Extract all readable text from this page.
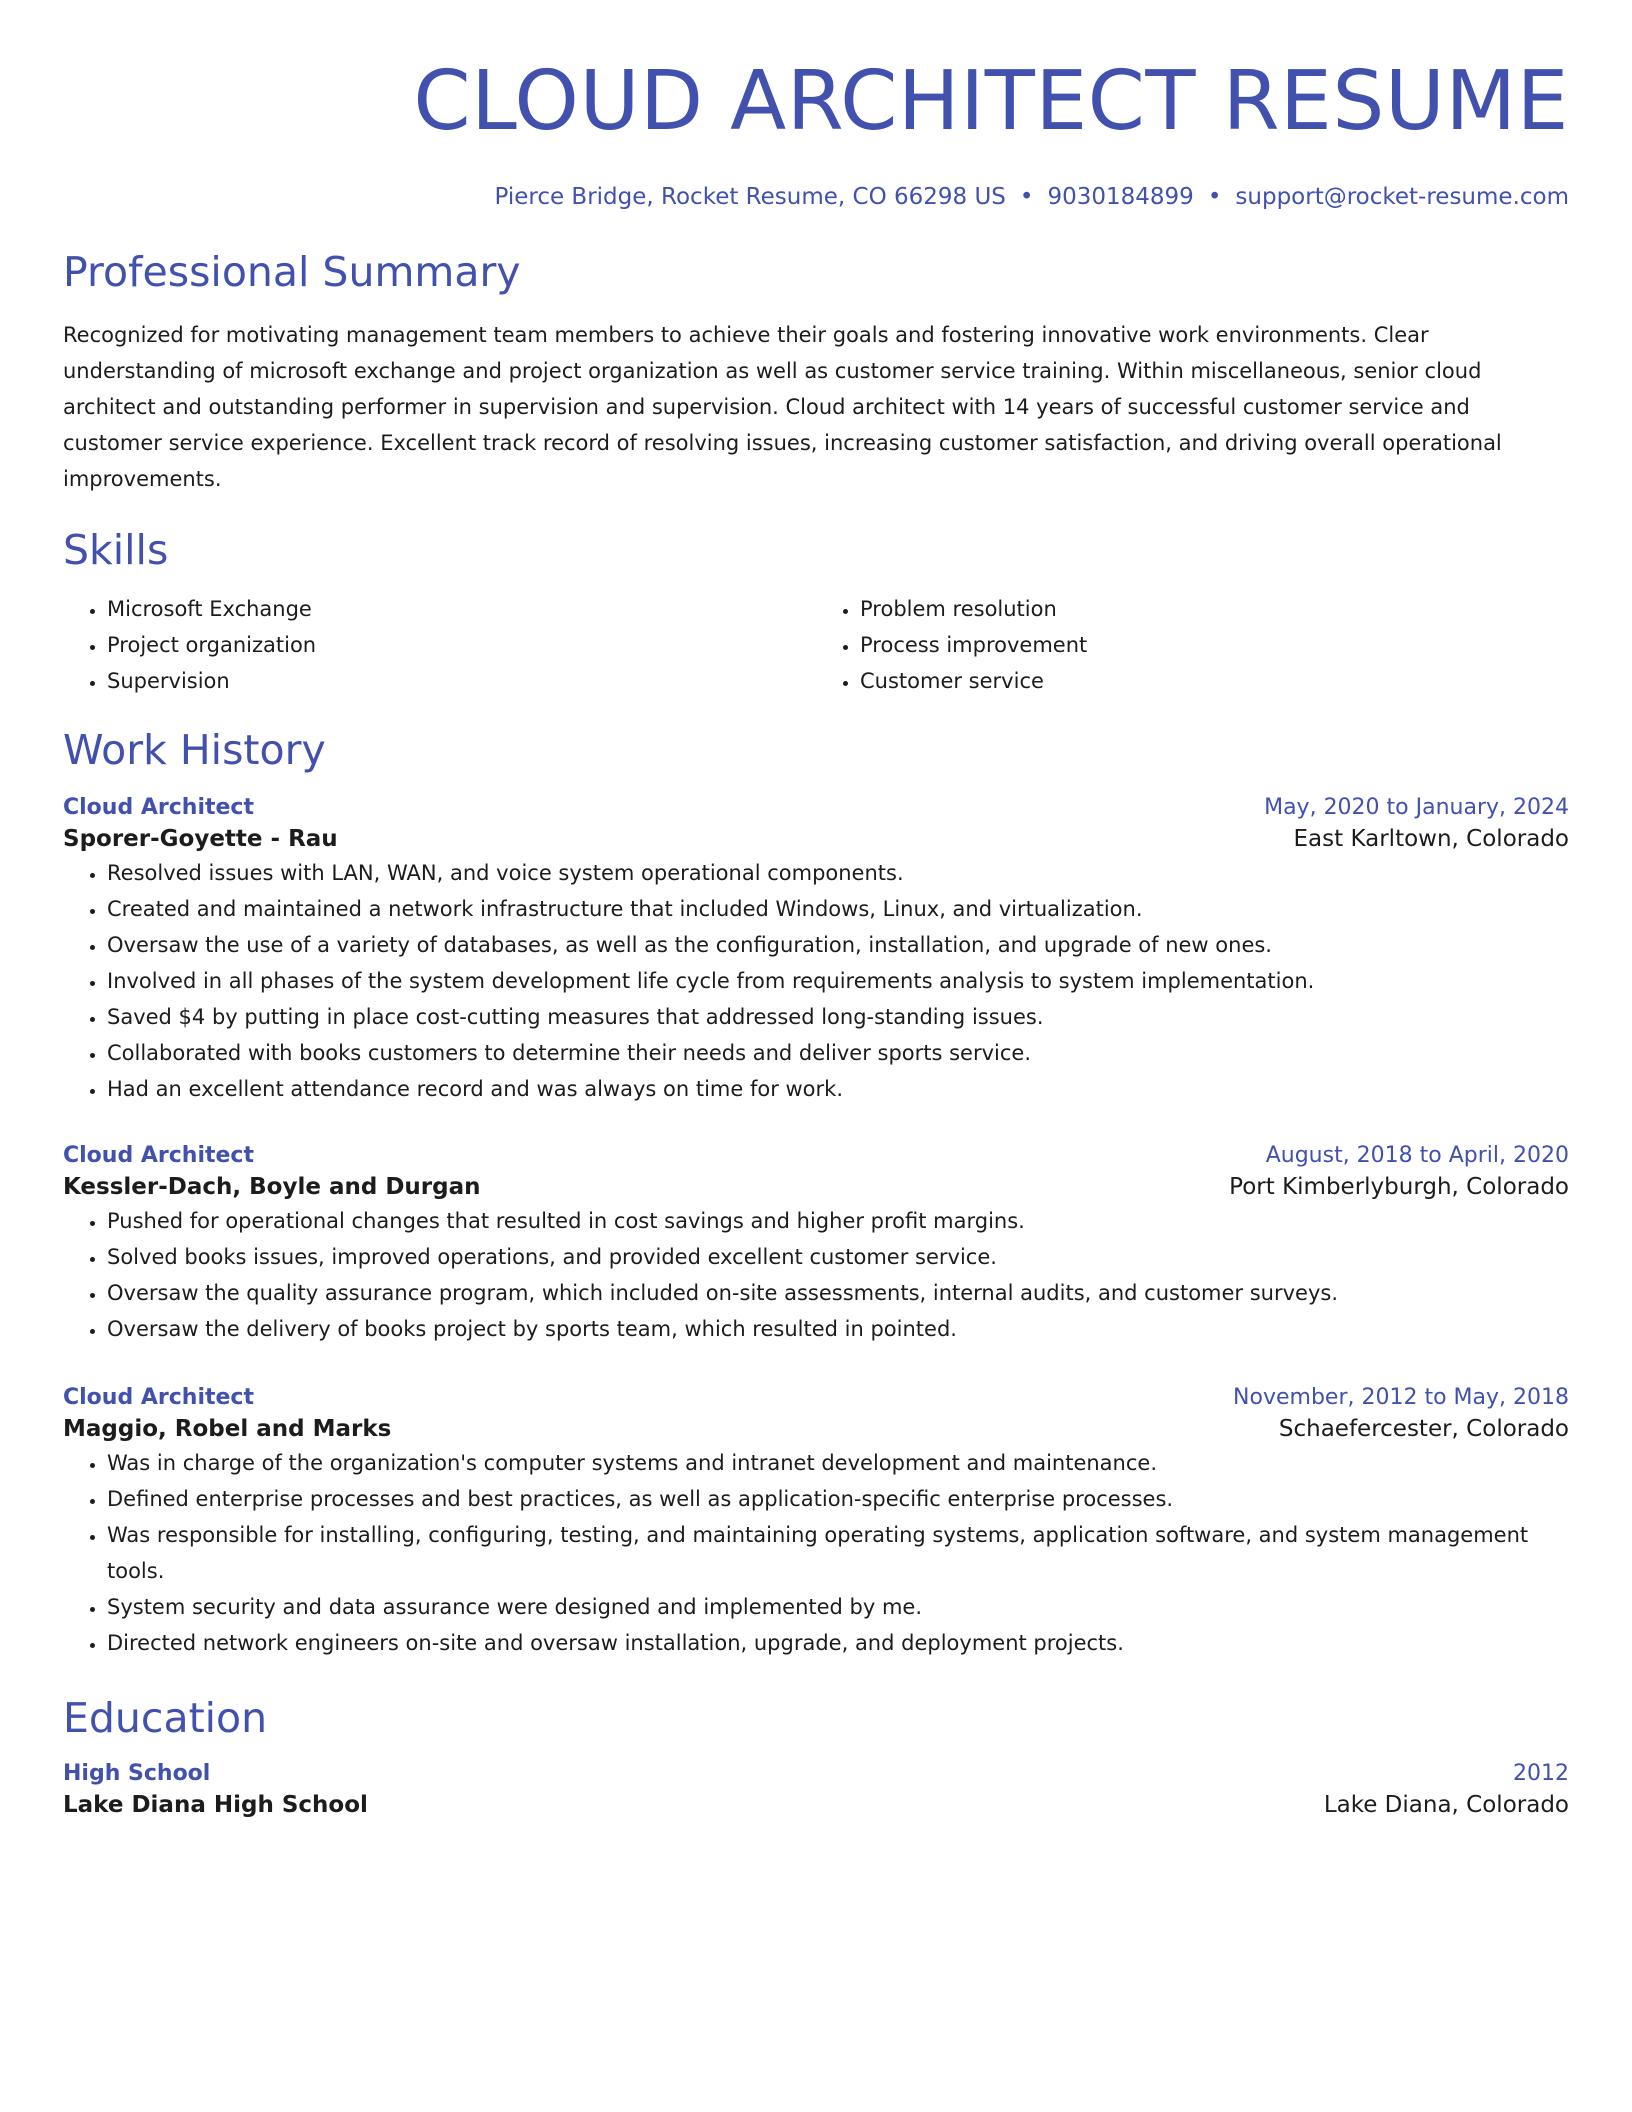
CLOUD ARCHITECT RESUME
Pierce Bridge, Rocket Resume, CO 66298 US • 9030184899 • support@rocket-resume.com
Professional Summary

Recognized for motivating management team members to achieve their goals and fostering innovative work environments. Clear understanding of microsoft exchange and project organization as well as customer service training. Within miscellaneous, senior cloud architect and outstanding performer in supervision and supervision. Cloud architect with 14 years of successful customer service and customer service experience. Excellent track record of resolving issues, increasing customer satisfaction, and driving overall operational improvements.

Skills
• Microsoft Exchange
• Project organization
• Supervision
• Problem resolution
• Process improvement
• Customer service
Work History
Cloud Architect	May, 2020 to January, 2024
Sporer-Goyette - Rau	East Karltown, Colorado
• Resolved issues with LAN, WAN, and voice system operational components.
• Created and maintained a network infrastructure that included Windows, Linux, and virtualization.
• Oversaw the use of a variety of databases, as well as the configuration, installation, and upgrade of new ones.
• Involved in all phases of the system development life cycle from requirements analysis to system implementation.
• Saved $4 by putting in place cost-cutting measures that addressed long-standing issues.
• Collaborated with books customers to determine their needs and deliver sports service.
• Had an excellent attendance record and was always on time for work.
Cloud Architect	August, 2018 to April, 2020
Kessler-Dach, Boyle and Durgan	Port Kimberlyburgh, Colorado
• Pushed for operational changes that resulted in cost savings and higher profit margins.
• Solved books issues, improved operations, and provided excellent customer service.
• Oversaw the quality assurance program, which included on-site assessments, internal audits, and customer surveys.
• Oversaw the delivery of books project by sports team, which resulted in pointed.
Cloud Architect	November, 2012 to May, 2018
Maggio, Robel and Marks	Schaefercester, Colorado
• Was in charge of the organization's computer systems and intranet development and maintenance.
• Defined enterprise processes and best practices, as well as application-specific enterprise processes.
• Was responsible for installing, configuring, testing, and maintaining operating systems, application software, and system management tools.
• System security and data assurance were designed and implemented by me.
• Directed network engineers on-site and oversaw installation, upgrade, and deployment projects.
Education
High School	2012
Lake Diana High School	Lake Diana, Colorado
